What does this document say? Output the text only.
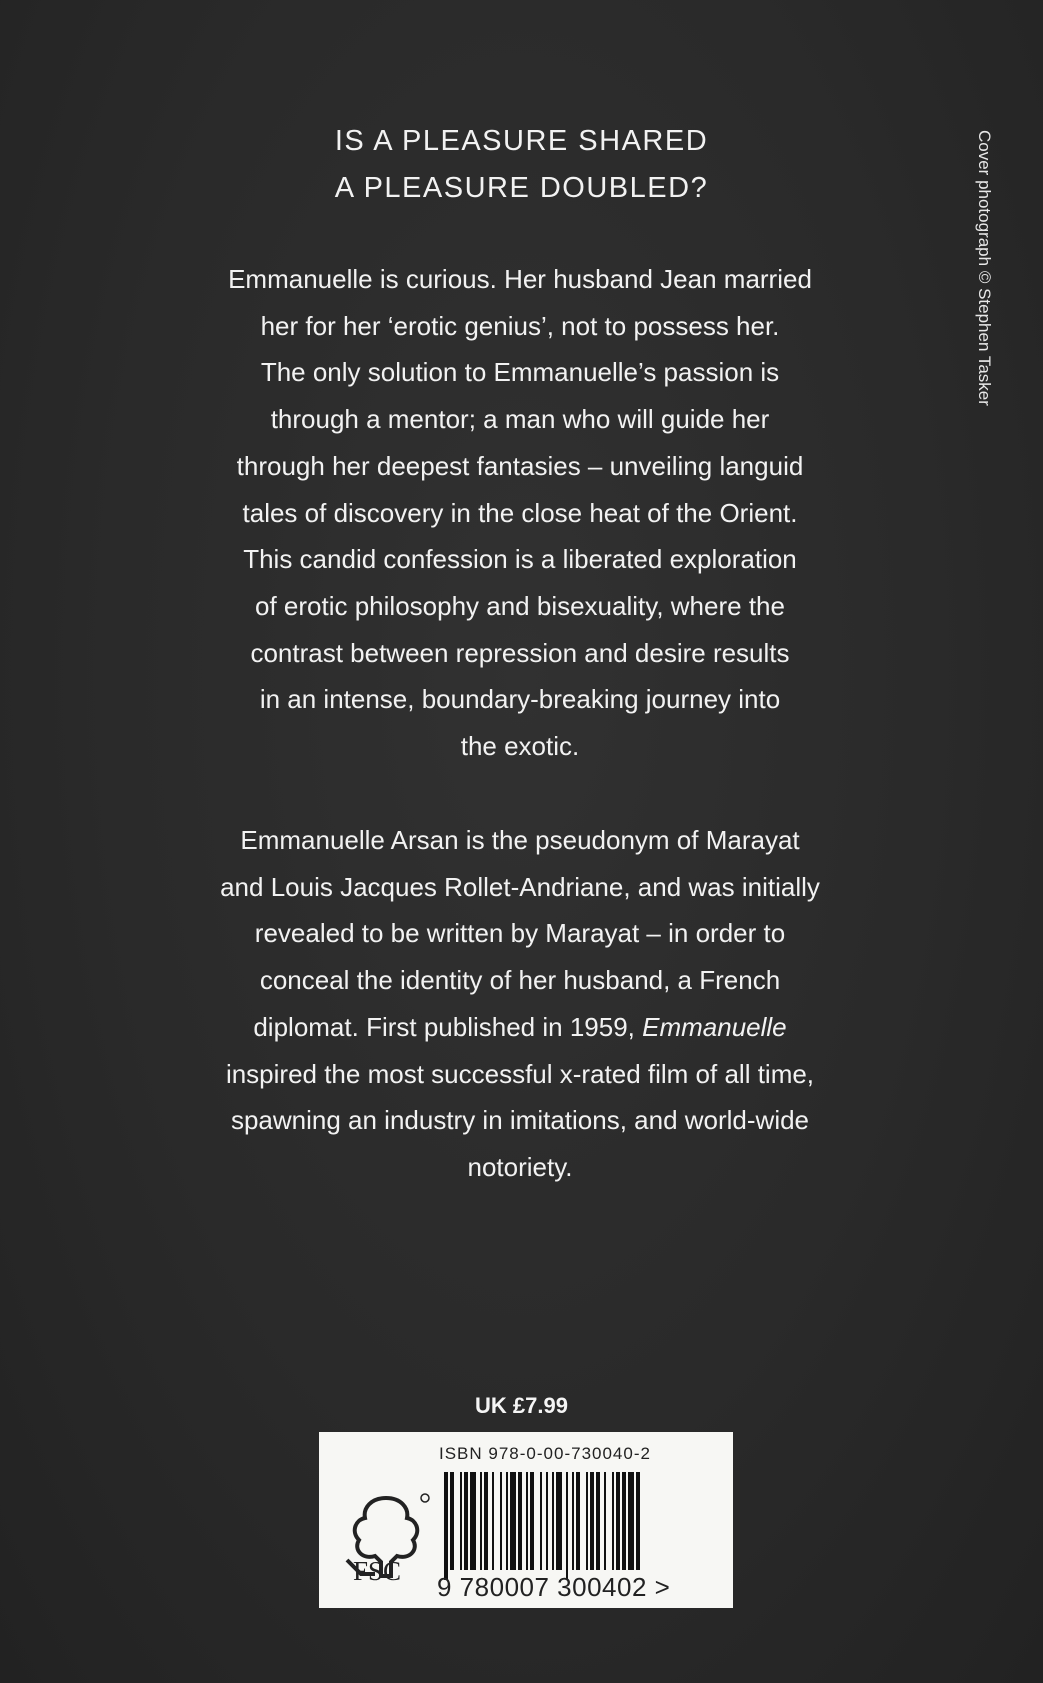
IS A PLEASURE SHARED
A PLEASURE DOUBLED?
Emmanuelle is curious. Her husband Jean married
her for her ‘erotic genius’, not to possess her.
The only solution to Emmanuelle’s passion is
through a mentor; a man who will guide her
through her deepest fantasies – unveiling languid
tales of discovery in the close heat of the Orient.
This candid confession is a liberated exploration
of erotic philosophy and bisexuality, where the
contrast between repression and desire results
in an intense, boundary-breaking journey into
the exotic.
Emmanuelle Arsan is the pseudonym of Marayat
and Louis Jacques Rollet-Andriane, and was initially
revealed to be written by Marayat – in order to
conceal the identity of her husband, a French
diplomat. First published in 1959, Emmanuelle
inspired the most successful x-rated film of all time,
spawning an industry in imitations, and world-wide
notoriety.
Cover photograph © Stephen Tasker
UK £7.99
ISBN 978-0-00-730040-2
FSC
9 780007 300402 >
